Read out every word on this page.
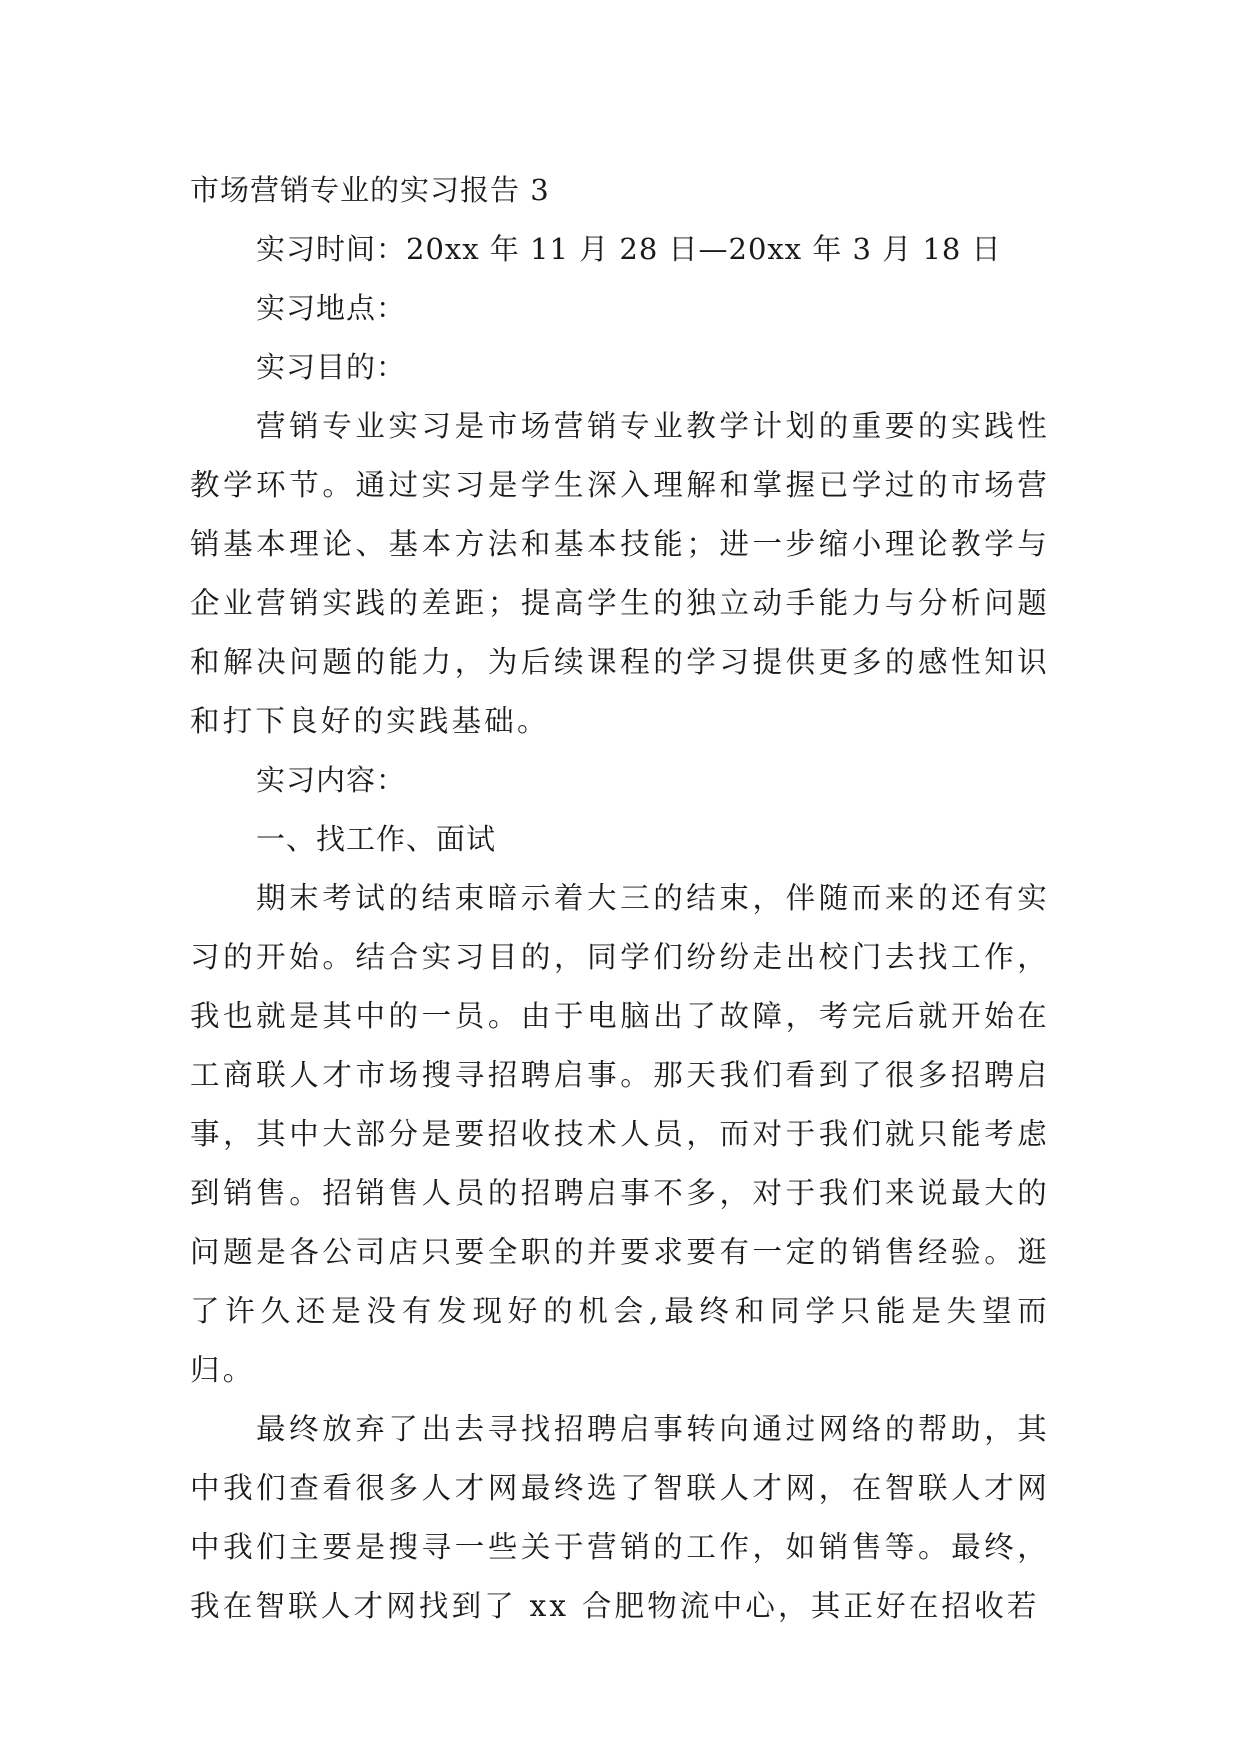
市场营销专业的实习报告 3

实习时间：20xx 年 11 月 28 日—20xx 年 3 月 18 日

实习地点：

实习目的：

营销专业实习是市场营销专业教学计划的重要的实践性教学环节。通过实习是学生深入理解和掌握已学过的市场营销基本理论、基本方法和基本技能；进一步缩小理论教学与企业营销实践的差距；提高学生的独立动手能力与分析问题和解决问题的能力，为后续课程的学习提供更多的感性知识和打下良好的实践基础。

实习内容：

一、找工作、面试

期末考试的结束暗示着大三的结束，伴随而来的还有实习的开始。结合实习目的，同学们纷纷走出校门去找工作，我也就是其中的一员。由于电脑出了故障，考完后就开始在工商联人才市场搜寻招聘启事。那天我们看到了很多招聘启事，其中大部分是要招收技术人员，而对于我们就只能考虑到销售。招销售人员的招聘启事不多，对于我们来说最大的问题是各公司店只要全职的并要求要有一定的销售经验。逛了许久还是没有发现好的机会,最终和同学只能是失望而归。

最终放弃了出去寻找招聘启事转向通过网络的帮助，其中我们查看很多人才网最终选了智联人才网，在智联人才网中我们主要是搜寻一些关于营销的工作，如销售等。最终，我在智联人才网找到了 xx 合肥物流中心，其正好在招收若
